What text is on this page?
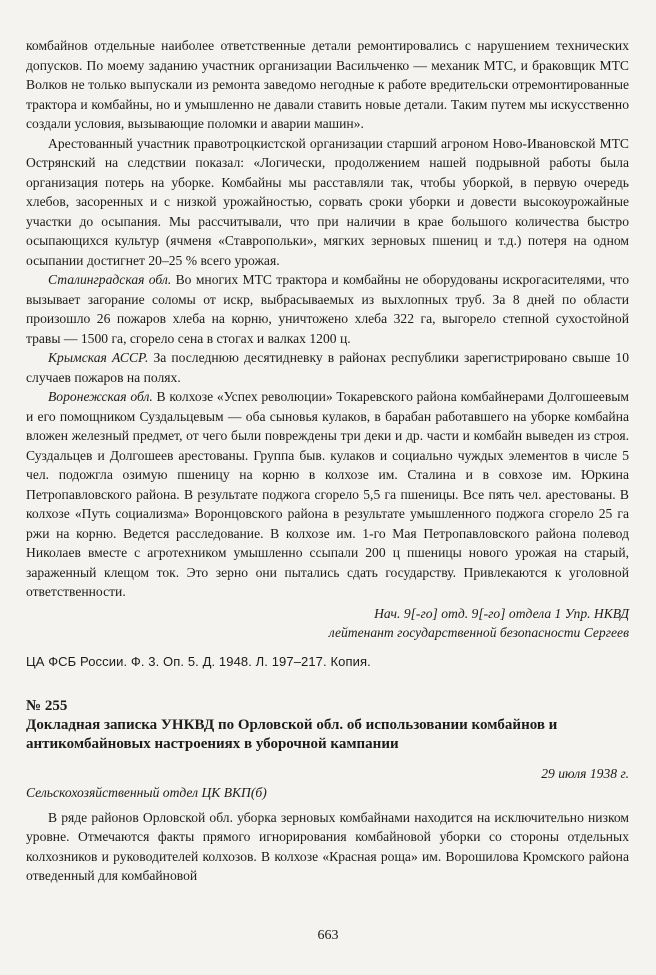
комбайнов отдельные наиболее ответственные детали ремонтировались с нарушением технических допусков. По моему заданию участник организации Васильченко — механик МТС, и браковщик МТС Волков не только выпускали из ремонта заведомо негодные к работе вредительски отремонтированные трактора и комбайны, но и умышленно не давали ставить новые детали. Таким путем мы искусственно создали условия, вызывающие поломки и аварии машин».

Арестованный участник правотроцкистской организации старший агроном Ново-Ивановской МТС Острянский на следствии показал: «Логически, продолжением нашей подрывной работы была организация потерь на уборке. Комбайны мы расставляли так, чтобы уборкой, в первую очередь хлебов, засоренных и с низкой урожайностью, сорвать сроки уборки и довести высокоурожайные участки до осыпания. Мы рассчитывали, что при наличии в крае большого количества быстро осыпающихся культур (ячменя «Ставропольки», мягких зерновых пшениц и т.д.) потеря на одном осыпании достигнет 20–25 % всего урожая.

Сталинградская обл. Во многих МТС трактора и комбайны не оборудованы искрогасителями, что вызывает загорание соломы от искр, выбрасываемых из выхлопных труб. За 8 дней по области произошло 26 пожаров хлеба на корню, уничтожено хлеба 322 га, выгорело степной сухостойной травы — 1500 га, сгорело сена в стогах и валках 1200 ц.

Крымская АССР. За последнюю десятидневку в районах республики зарегистрировано свыше 10 случаев пожаров на полях.

Воронежская обл. В колхозе «Успех революции» Токаревского района комбайнерами Долгошеевым и его помощником Суздальцевым — оба сыновья кулаков, в барабан работавшего на уборке комбайна вложен железный предмет, от чего были повреждены три деки и др. части и комбайн выведен из строя. Суздальцев и Долгошеев арестованы. Группа быв. кулаков и социально чуждых элементов в числе 5 чел. подожгла озимую пшеницу на корню в колхозе им. Сталина и в совхозе им. Юркина Петропавловского района. В результате поджога сгорело 5,5 га пшеницы. Все пять чел. арестованы. В колхозе «Путь социализма» Воронцовского района в результате умышленного поджога сгорело 25 га ржи на корню. Ведется расследование. В колхозе им. 1-го Мая Петропавловского района полевод Николаев вместе с агротехником умышленно ссыпали 200 ц пшеницы нового урожая на старый, зараженный клещом ток. Это зерно они пытались сдать государству. Привлекаются к уголовной ответственности.

Нач. 9[-го] отд. 9[-го] отдела 1 Упр. НКВД
лейтенант государственной безопасности Сергеев
ЦА ФСБ России. Ф. 3. Оп. 5. Д. 1948. Л. 197–217. Копия.
№ 255
Докладная записка УНКВД по Орловской обл. об использовании комбайнов и антикомбайновых настроениях в уборочной кампании
29 июля 1938 г.
Сельскохозяйственный отдел ЦК ВКП(б)

В ряде районов Орловской обл. уборка зерновых комбайнами находится на исключительно низком уровне. Отмечаются факты прямого игнорирования комбайновой уборки со стороны отдельных колхозников и руководителей колхозов. В колхозе «Красная роща» им. Ворошилова Кромского района отведенный для комбайновой

663
